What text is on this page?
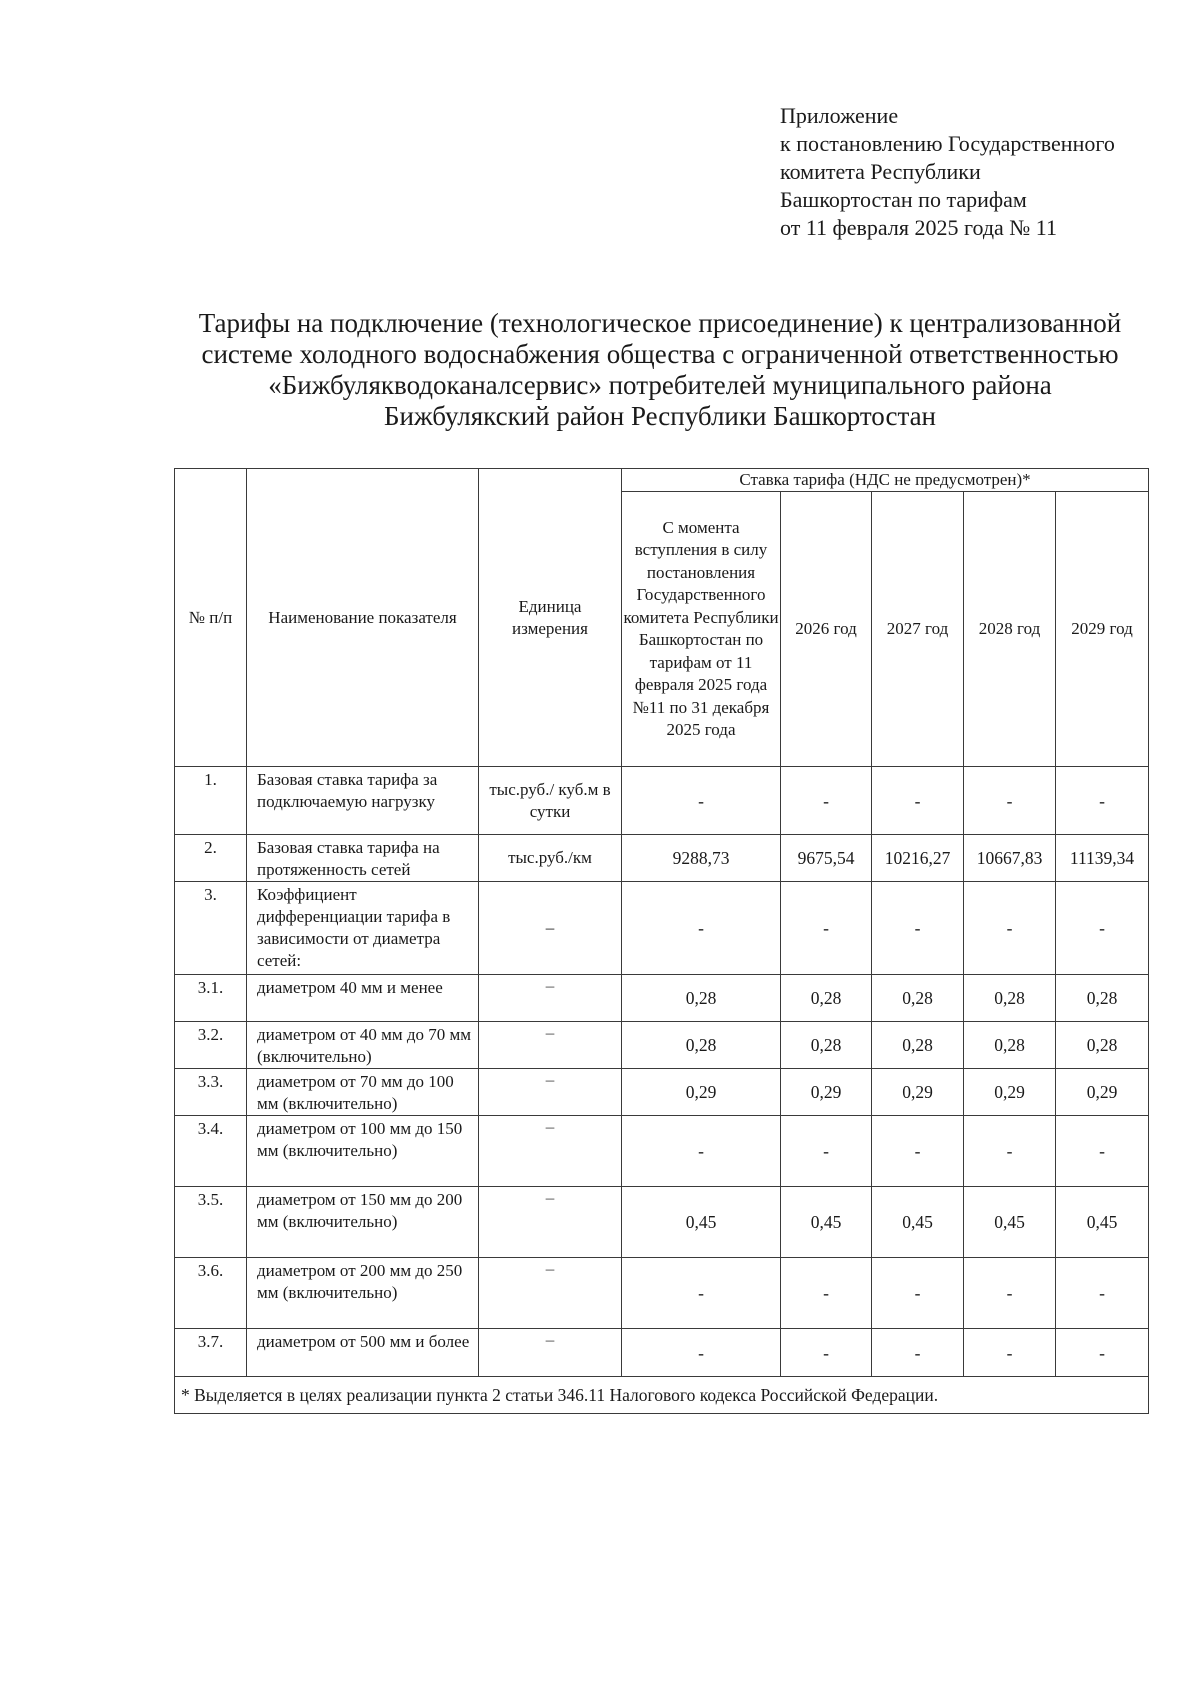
Приложение
к постановлению Государственного
комитета Республики
Башкортостан по тарифам
от 11 февраля 2025 года № 11
Тарифы на подключение (технологическое присоединение) к централизованной
системе холодного водоснабжения общества с ограниченной ответственностью
«Бижбулякводоканалсервис» потребителей муниципального района
Бижбулякский район Республики Башкортостан
№ п/п	Наименование показателя	Единица измерения	Ставка тарифа (НДС не предусмотрен)*				
			С момента вступления в силу постановления Государственного комитета Республики Башкортостан по тарифам от 11 февраля 2025 года №11 по 31 декабря 2025 года	2026 год	2027 год	2028 год	2029 год
1.	Базовая ставка тарифа за подключаемую нагрузку	тыс.руб./ куб.м в сутки	-	-	-	-	-
2.	Базовая ставка тарифа на протяженность сетей	тыс.руб./км	9288,73	9675,54	10216,27	10667,83	11139,34
3.	Коэффициент дифференциации тарифа в зависимости от диаметра сетей:	–	-	-	-	-	-
3.1.	диаметром 40 мм и менее	–	0,28	0,28	0,28	0,28	0,28
3.2.	диаметром от 40 мм до 70 мм (включительно)	–	0,28	0,28	0,28	0,28	0,28
3.3.	диаметром от 70 мм до 100 мм (включительно)	–	0,29	0,29	0,29	0,29	0,29
3.4.	диаметром от 100 мм до 150 мм (включительно)	–	-	-	-	-	-
3.5.	диаметром от 150 мм до 200 мм (включительно)	–	0,45	0,45	0,45	0,45	0,45
3.6.	диаметром от 200 мм до 250 мм (включительно)	–	-	-	-	-	-
3.7.	диаметром от 500 мм и более	–	-	-	-	-	-
* Выделяется в целях реализации пункта 2 статьи 346.11 Налогового кодекса Российской Федерации.							
